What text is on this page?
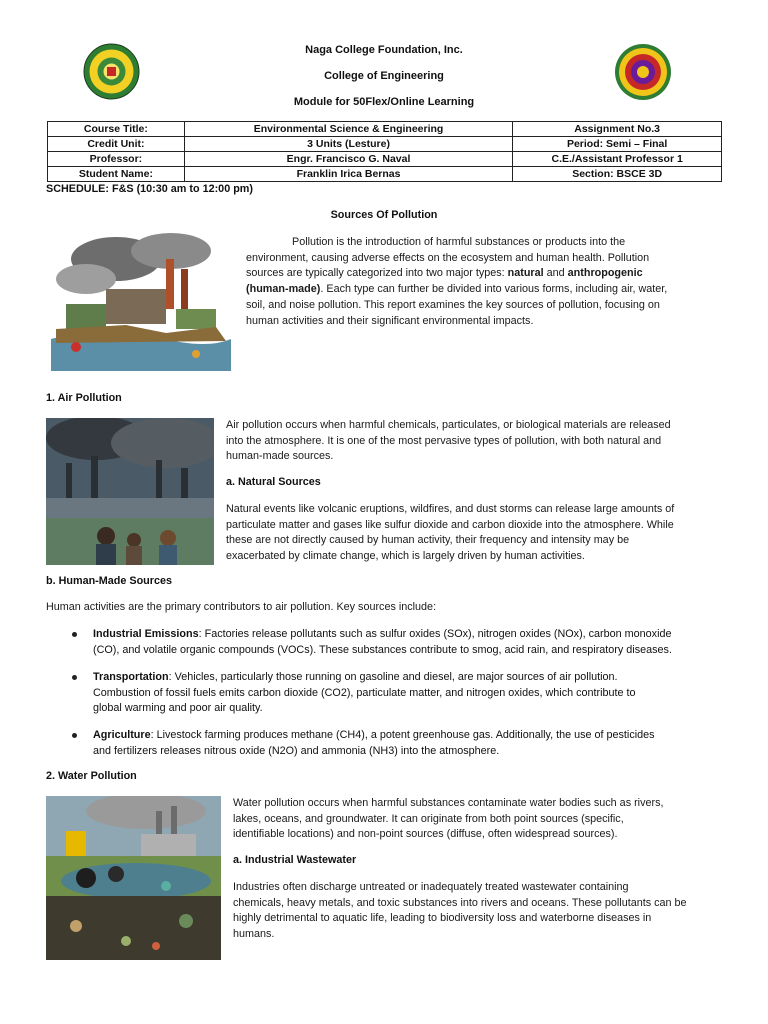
Naga College Foundation, Inc.
College of Engineering
Module for 50Flex/Online Learning
Course Title:	Environmental Science & Engineering	Assignment No.3
Credit Unit:	3 Units (Lesture)	Period: Semi – Final
Professor:	Engr. Francisco G. Naval	C.E./Assistant Professor 1
Student Name:	Franklin Irica Bernas	Section: BSCE 3D
SCHEDULE: F&S (10:30 am to 12:00 pm)
Sources Of Pollution
Pollution is the introduction of harmful substances or products into the
environment, causing adverse effects on the ecosystem and human health. Pollution
sources are typically categorized into two major types: natural and anthropogenic
(human-made). Each type can further be divided into various forms, including air, water,
soil, and noise pollution. This report examines the key sources of pollution, focusing on
human activities and their significant environmental impacts.
1. Air Pollution
Air pollution occurs when harmful chemicals, particulates, or biological materials are released
into the atmosphere. It is one of the most pervasive types of pollution, with both natural and
human-made sources.
a. Natural Sources
Natural events like volcanic eruptions, wildfires, and dust storms can release large amounts of
particulate matter and gases like sulfur dioxide and carbon dioxide into the atmosphere. While
these are not directly caused by human activity, their frequency and intensity may be
exacerbated by climate change, which is largely driven by human activities.
b. Human-Made Sources
Human activities are the primary contributors to air pollution. Key sources include:
Industrial Emissions: Factories release pollutants such as sulfur oxides (SOx), nitrogen oxides (NOx), carbon monoxide
(CO), and volatile organic compounds (VOCs). These substances contribute to smog, acid rain, and respiratory diseases.
Transportation: Vehicles, particularly those running on gasoline and diesel, are major sources of air pollution.
Combustion of fossil fuels emits carbon dioxide (CO2), particulate matter, and nitrogen oxides, which contribute to
global warming and poor air quality.
Agriculture: Livestock farming produces methane (CH4), a potent greenhouse gas. Additionally, the use of pesticides
and fertilizers releases nitrous oxide (N2O) and ammonia (NH3) into the atmosphere.
2. Water Pollution
Water pollution occurs when harmful substances contaminate water bodies such as rivers,
lakes, oceans, and groundwater. It can originate from both point sources (specific,
identifiable locations) and non-point sources (diffuse, often widespread sources).
a. Industrial Wastewater
Industries often discharge untreated or inadequately treated wastewater containing
chemicals, heavy metals, and toxic substances into rivers and oceans. These pollutants can be
highly detrimental to aquatic life, leading to biodiversity loss and waterborne diseases in
humans.
